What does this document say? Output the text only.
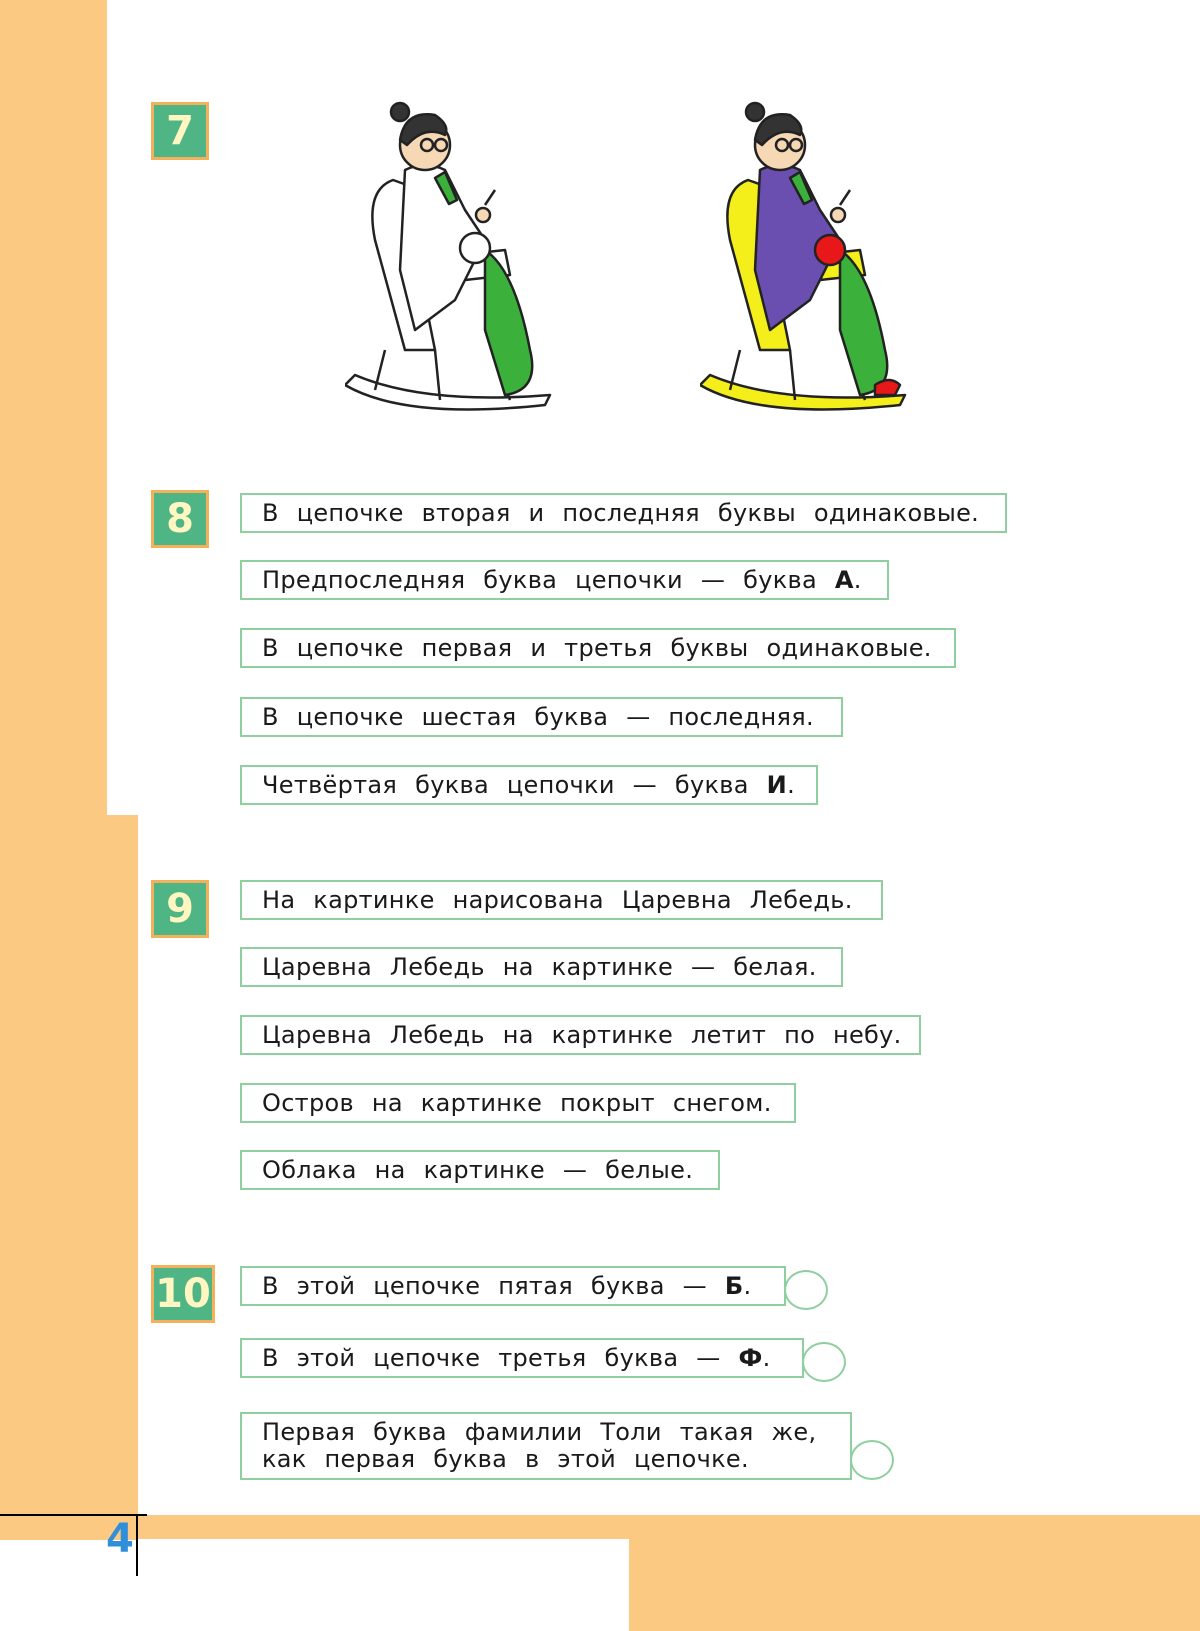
4
7
8	В цепочке вторая и последняя буквы одинаковые.
Предпоследняя буква цепочки — буква А.
В цепочке первая и третья буквы одинаковые.
В цепочке шестая буква — последняя.
Четвёртая буква цепочки — буква И.
9	На картинке нарисована Царевна Лебедь.
Царевна Лебедь на картинке — белая.
Царевна Лебедь на картинке летит по небу.
Остров на картинке покрыт снегом.
Облака на картинке — белые.
10	В этой цепочке пятая буква — Б.
В этой цепочке третья буква — Ф.
Первая буква фамилии Толи такая же, как первая буква в этой цепочке.
